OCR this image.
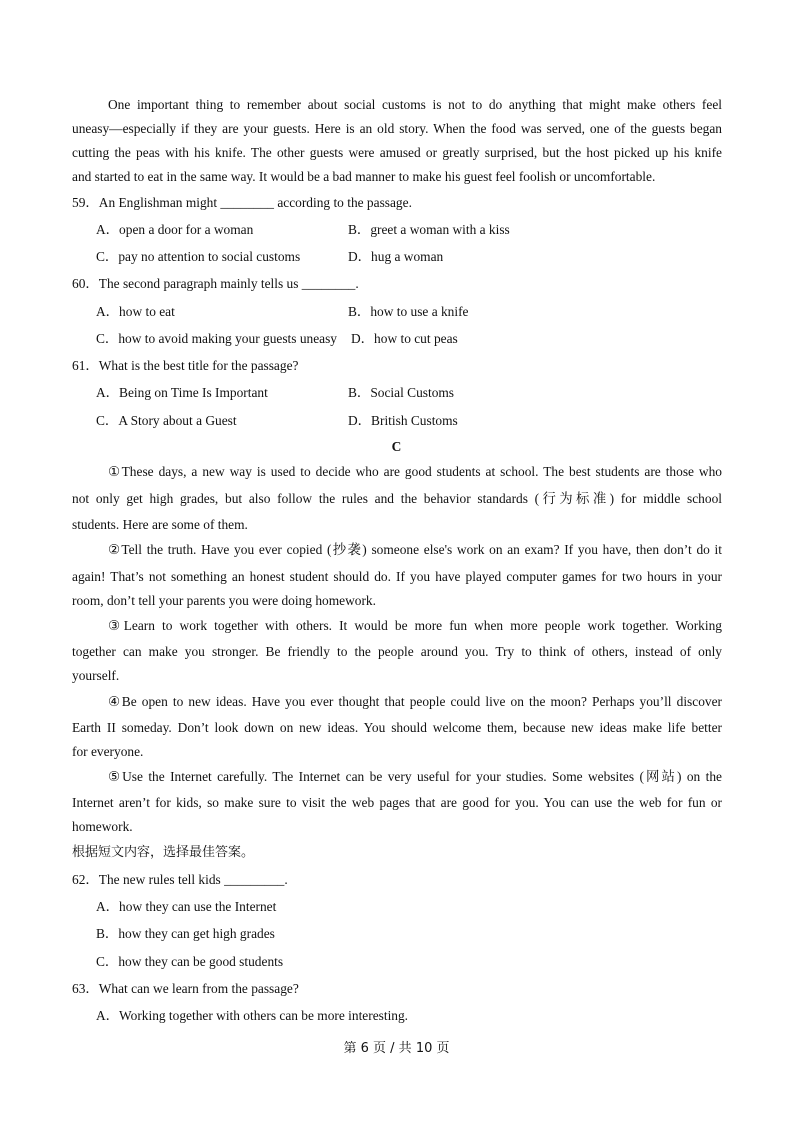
One important thing to remember about social customs is not to do anything that might make others feel
uneasy—especially if they are your guests. Here is an old story. When the food was served, one of the guests began
cutting the peas with his knife. The other guests were amused or greatly surprised, but the host picked up his knife
and started to eat in the same way. It would be a bad manner to make his guest feel foolish or uncomfortable.
59．An Englishman might ________ according to the passage.
A．open a door for a woman	B．greet a woman with a kiss
C．pay no attention to social customs	D．hug a woman
60．The second paragraph mainly tells us ________.
A．how to eat	B．how to use a knife
C．how to avoid making your guests uneasy D．how to cut peas
61．What is the best title for the passage?
A．Being on Time Is Important	B．Social Customs
C．A Story about a Guest	D．British Customs
C
①These days, a new way is used to decide who are good students at school. The best students are those who
not only get high grades, but also follow the rules and the behavior standards (行为标准) for middle school
students. Here are some of them.
②Tell the truth. Have you ever copied (抄袭) someone else's work on an exam? If you have, then don’t do it
again! That’s not something an honest student should do. If you have played computer games for two hours in your
room, don’t tell your parents you were doing homework.
③Learn to work together with others. It would be more fun when more people work together. Working
together can make you stronger. Be friendly to the people around you. Try to think of others, instead of only
yourself.
④Be open to new ideas. Have you ever thought that people could live on the moon? Perhaps you’ll discover
Earth II someday. Don’t look down on new ideas. You should welcome them, because new ideas make life better
for everyone.
⑤Use the Internet carefully. The Internet can be very useful for your studies. Some websites (网站) on the
Internet aren’t for kids, so make sure to visit the web pages that are good for you. You can use the web for fun or
homework.
根据短文内容，选择最佳答案。
62．The new rules tell kids _________.
A．how they can use the Internet
B．how they can get high grades
C．how they can be good students
63．What can we learn from the passage?
A．Working together with others can be more interesting.
第 6 页 / 共 10 页
